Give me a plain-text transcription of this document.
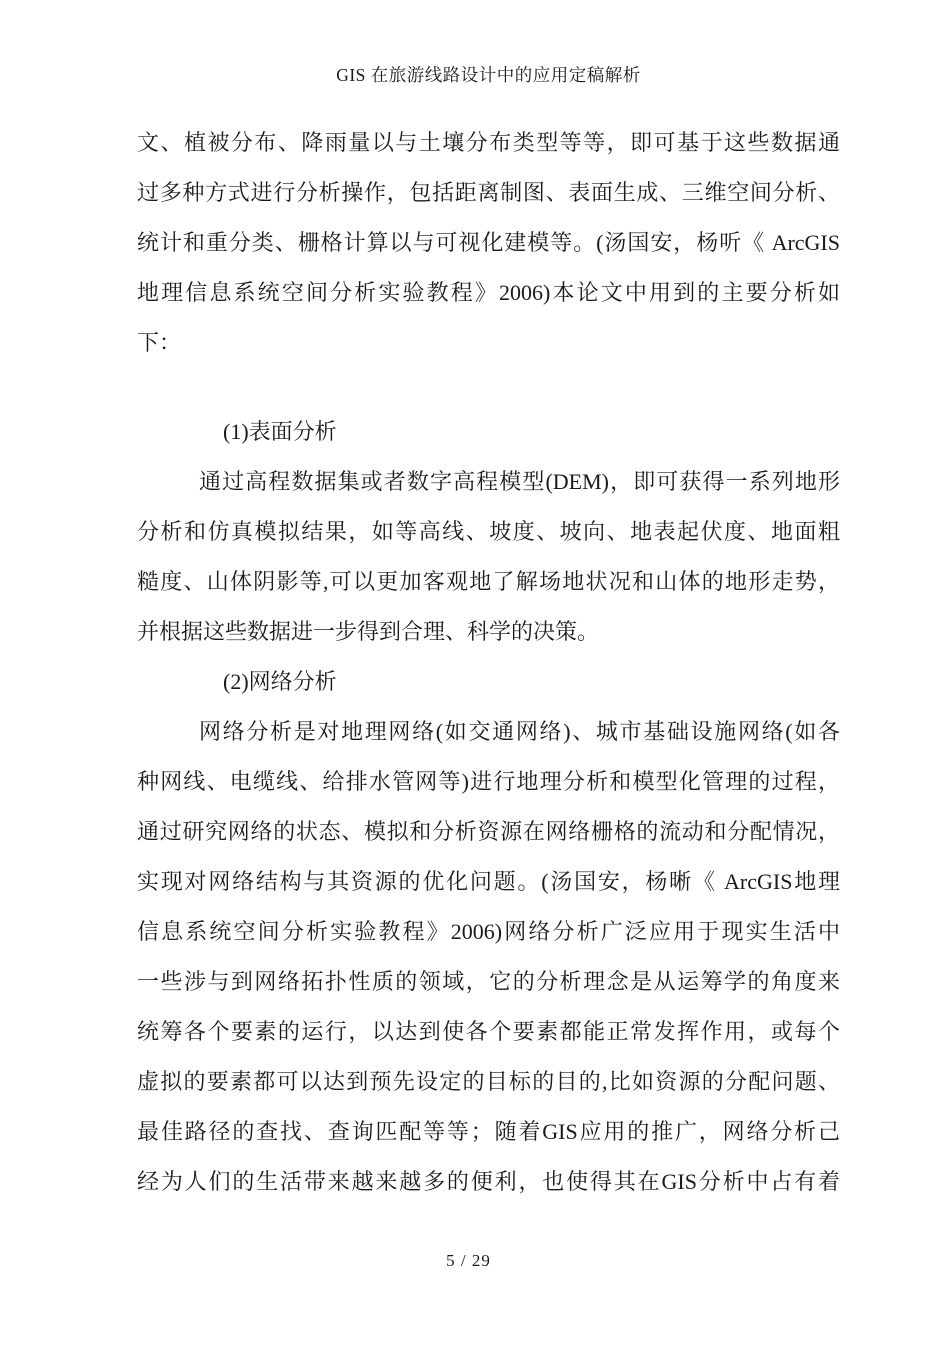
GIS 在旅游线路设计中的应用定稿解析
文、植被分布、降雨量以与土壤分布类型等等，即可基于这些数据通
过多种方式进行分析操作，包括距离制图、表面生成、三维空间分析、
统计和重分类、栅格计算以与可视化建模等。(汤国安，杨听《 ArcGIS
地理信息系统空间分析实验教程》2006)本论文中用到的主要分析如
下：
(1)表面分析
通过高程数据集或者数字高程模型(DEM)，即可获得一系列地形
分析和仿真模拟结果，如等高线、坡度、坡向、地表起伏度、地面粗
糙度、山体阴影等,可以更加客观地了解场地状况和山体的地形走势，
并根据这些数据进一步得到合理、科学的决策。
(2)网络分析
网络分析是对地理网络(如交通网络)、城市基础设施网络(如各
种网线、电缆线、给排水管网等)进行地理分析和模型化管理的过程，
通过研究网络的状态、模拟和分析资源在网络栅格的流动和分配情况，
实现对网络结构与其资源的优化问题。(汤国安，杨晰《 ArcGIS地理
信息系统空间分析实验教程》2006)网络分析广泛应用于现实生活中
一些涉与到网络拓扑性质的领域，它的分析理念是从运筹学的角度来
统筹各个要素的运行，以达到使各个要素都能正常发挥作用，或每个
虚拟的要素都可以达到预先设定的目标的目的,比如资源的分配问题、
最佳路径的查找、查询匹配等等；随着GIS应用的推广，网络分析己
经为人们的生活带来越来越多的便利，也使得其在GIS分析中占有着
5 / 29
